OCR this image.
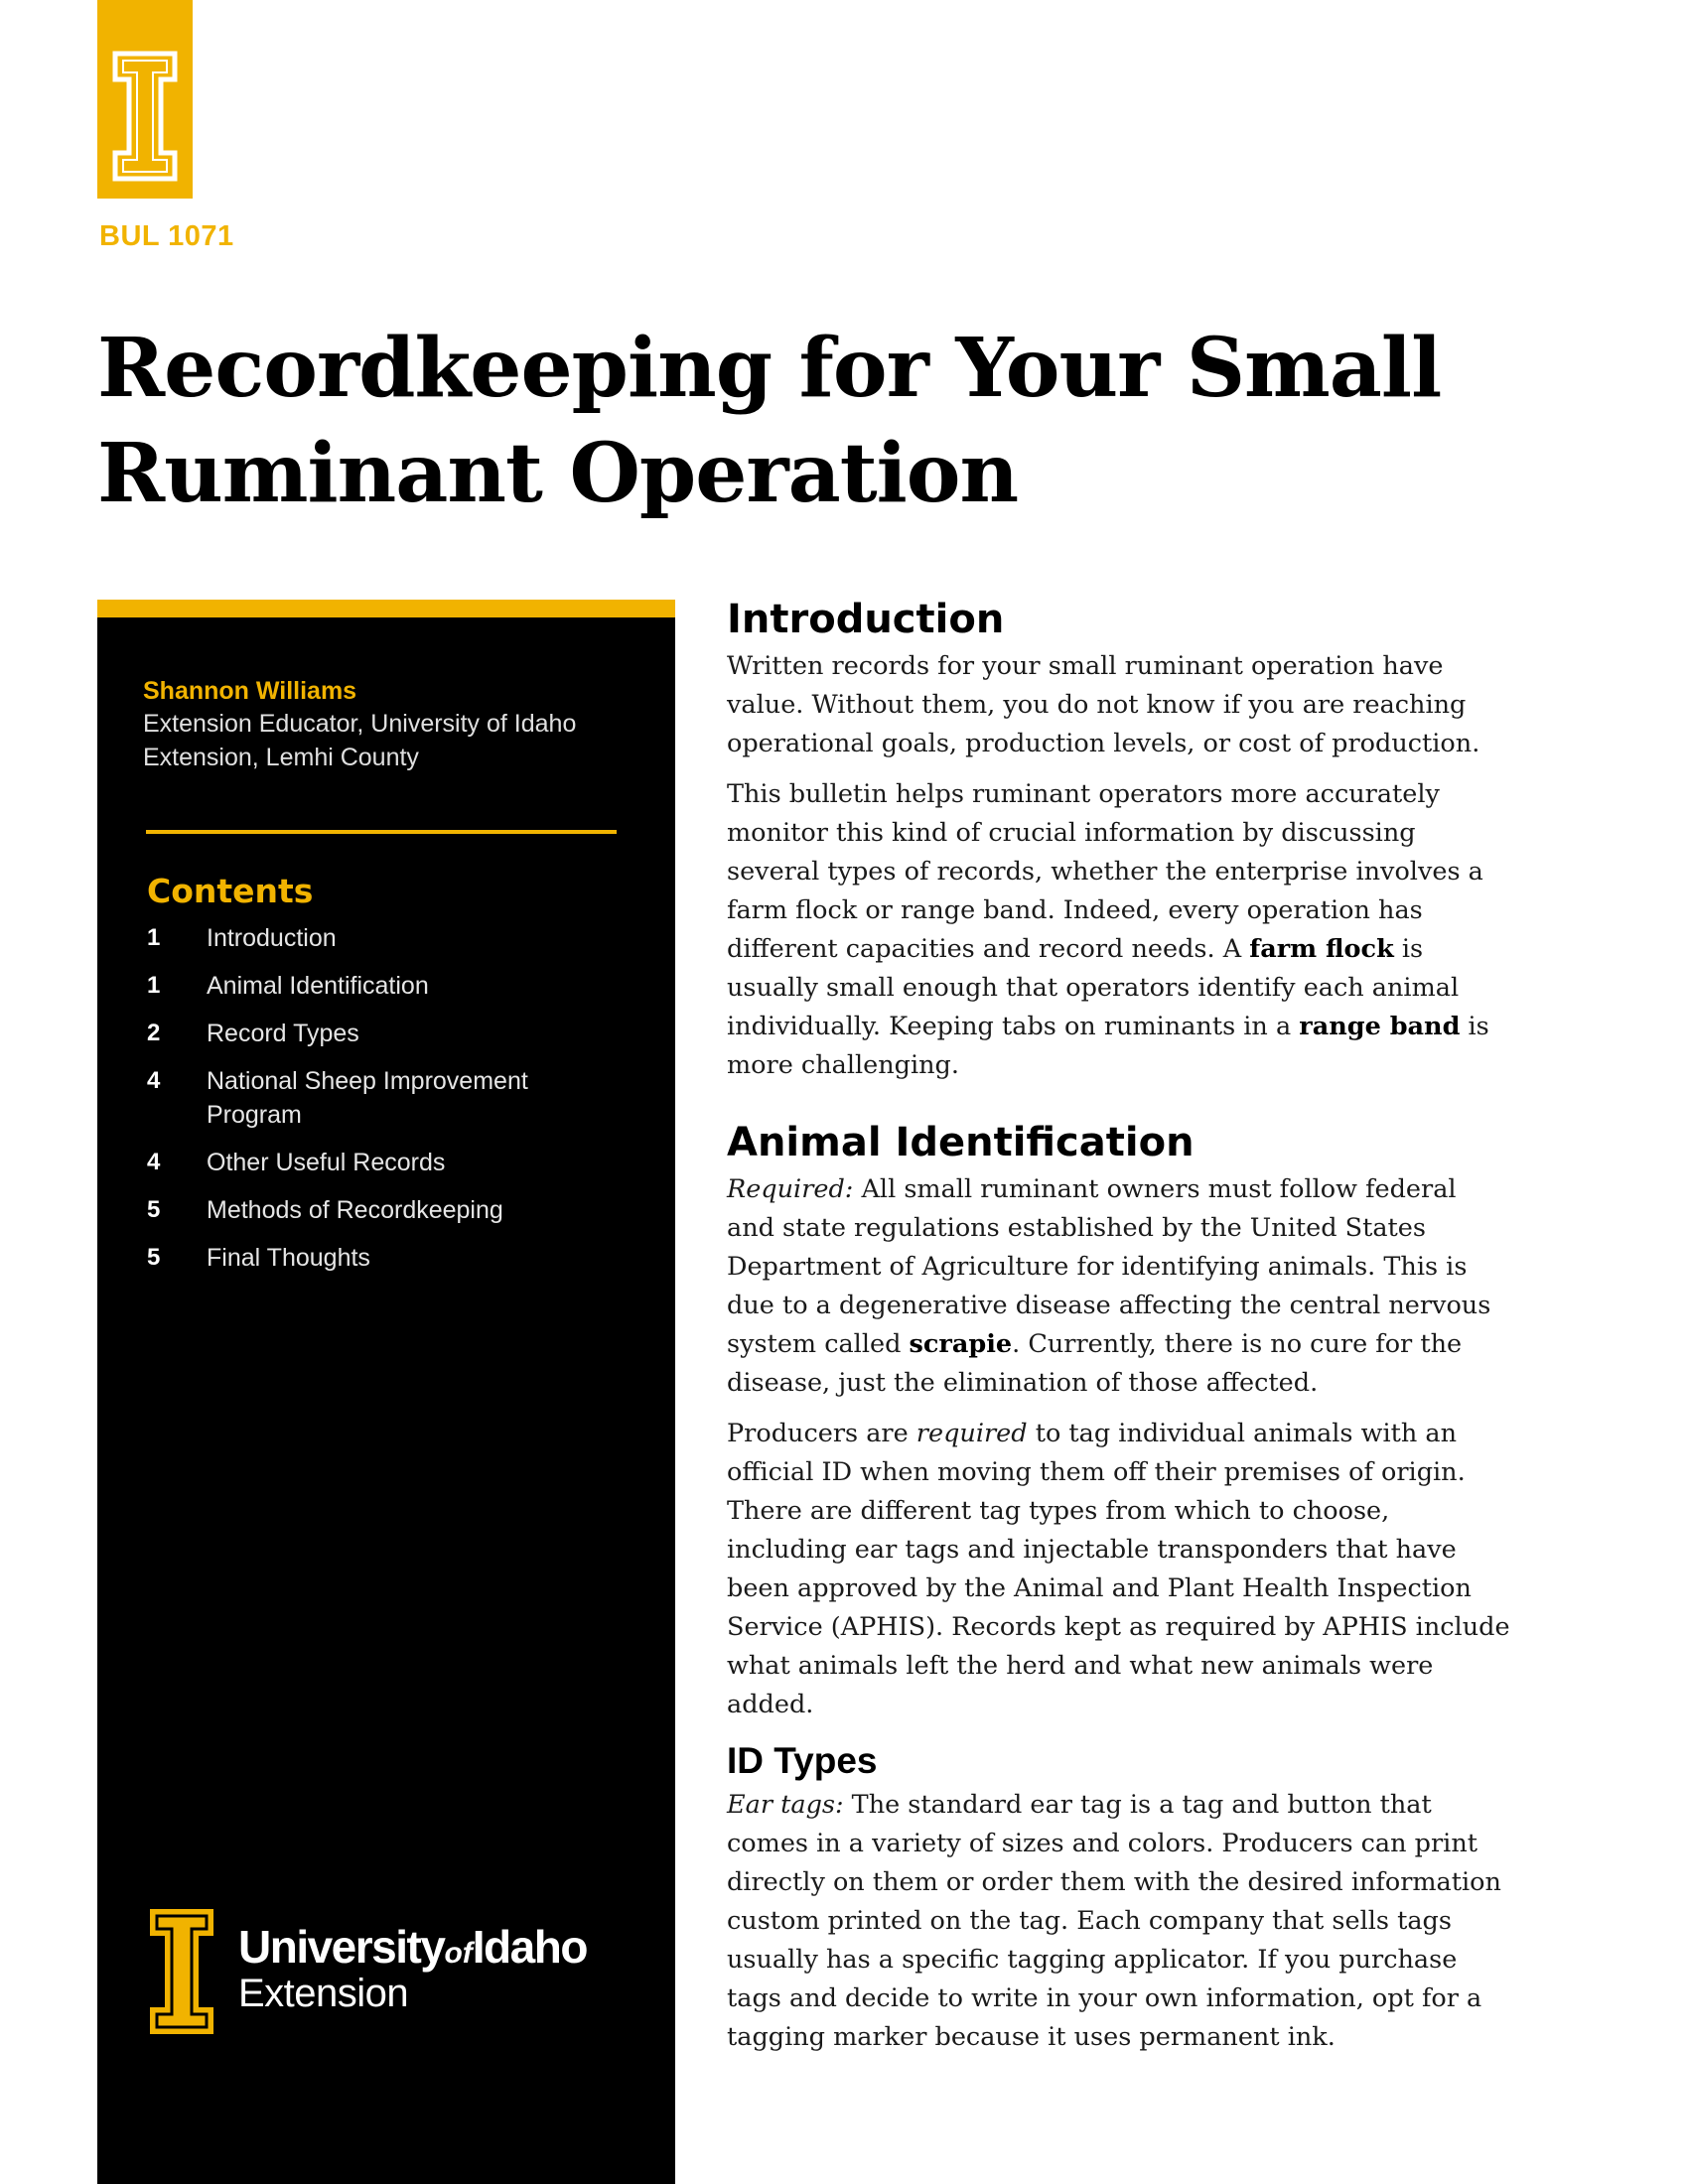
BUL 1071
Recordkeeping for Your Small
Ruminant Operation
Shannon Williams
Extension Educator, University of Idaho
Extension, Lemhi County
Contents
1	Introduction
1	Animal Identification
2	Record Types
4	National Sheep Improvement Program
4	Other Useful Records
5	Methods of Recordkeeping
5	Final Thoughts
UniversityofIdaho
Extension
Introduction

Written records for your small ruminant operation have value. Without them, you do not know if you are reaching operational goals, production levels, or cost of production.

This bulletin helps ruminant operators more accurately monitor this kind of crucial information by discussing several types of records, whether the enterprise involves a farm flock or range band. Indeed, every operation has different capacities and record needs. A farm flock is usually small enough that operators identify each animal individually. Keeping tabs on ruminants in a range band is more challenging.

Animal Identification

Required: All small ruminant owners must follow federal and state regulations established by the United States Department of Agriculture for identifying animals. This is due to a degenerative disease affecting the central nervous system called scrapie. Currently, there is no cure for the disease, just the elimination of those affected.

Producers are required to tag individual animals with an official ID when moving them off their premises of origin. There are different tag types from which to choose, including ear tags and injectable transponders that have been approved by the Animal and Plant Health Inspection Service (APHIS). Records kept as required by APHIS include what animals left the herd and what new animals were added.

ID Types

Ear tags: The standard ear tag is a tag and button that comes in a variety of sizes and colors. Producers can print directly on them or order them with the desired information custom printed on the tag. Each company that sells tags usually has a specific tagging applicator. If you purchase tags and decide to write in your own information, opt for a tagging marker because it uses permanent ink.
